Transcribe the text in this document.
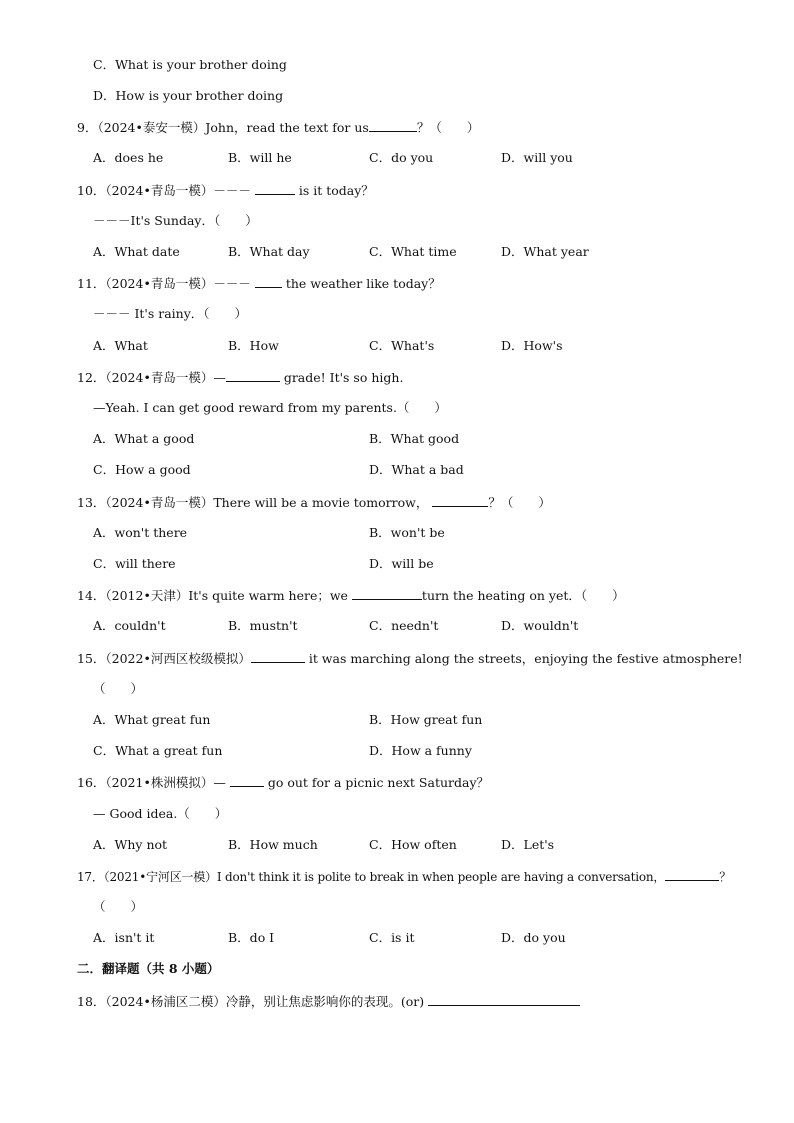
C．What is your brother doing
D．How is your brother doing
9．（2024•泰安一模）John，read the text for us	？（　　）
A．does he	B．will he	C．do you	D．will you
10．（2024•青岛一模）－－－	is it today？
－－－It's Sunday．（　　）
A．What date	B．What day	C．What time	D．What year
11．（2024•青岛一模）－－－  the weather like today？
－－－ It's rainy．（　　）
A．What	B．How	C．What's	D．How's
12．（2024•青岛一模）—	grade! It's so high.
—Yeah. I can get good reward from my parents.（　　）
A．What a good	B．What good
C．How a good	D．What a bad
13．（2024•青岛一模）There will be a movie tomorrow，	？（　　）
A．won't there	B．won't be
C．will there	D．will be
14．（2012•天津）It's quite warm here；we	turn the heating on yet．（　　）
A．couldn't	B．mustn't	C．needn't	D．wouldn't
15．（2022•河西区校级模拟）	it was marching along the streets，enjoying the festive atmosphere!
（　　）
A．What great fun	B．How great fun
C．What a great fun	D．How a funny
16．（2021•株洲模拟）—	go out for a picnic next Saturday？
— Good idea.（　　）
A．Why not	B．How much	C．How often	D．Let's
17．（2021•宁河区一模）I don't think it is polite to break in when people are having a conversation，	？
（　　）
A．isn't it	B．do I	C．is it	D．do you
二．翻译题（共 8 小题）
18．（2024•杨浦区二模）冷静，别让焦虑影响你的表现。(or)
